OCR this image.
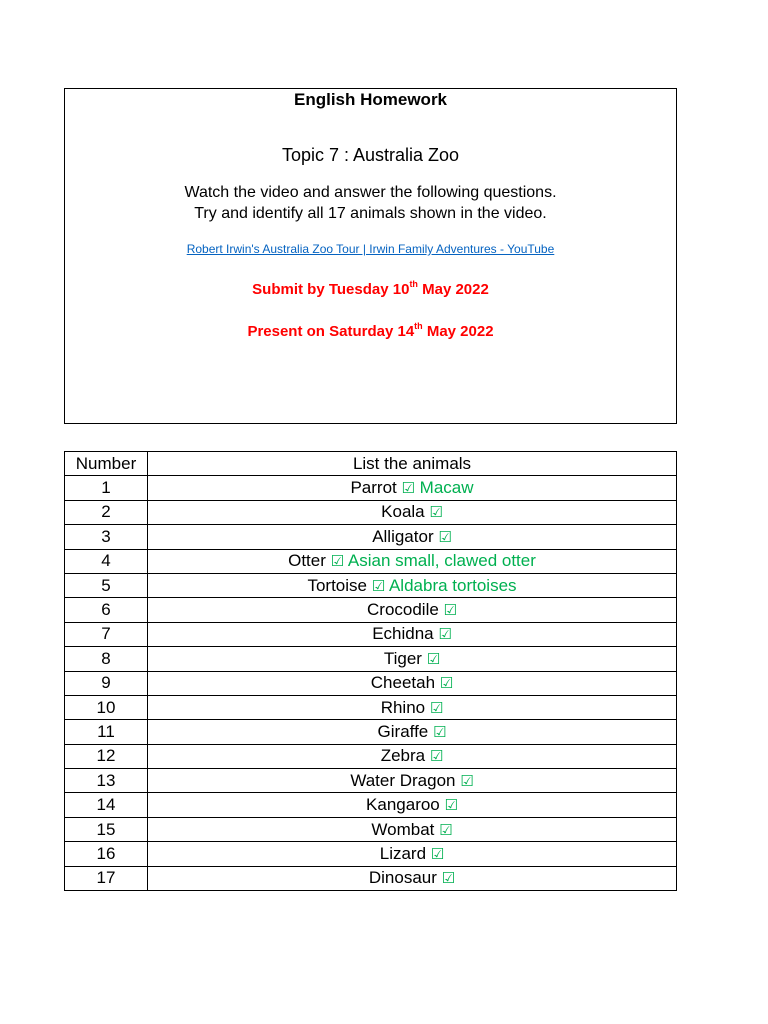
English Homework
Topic 7 : Australia Zoo
Watch the video and answer the following questions.
Try and identify all 17 animals shown in the video.
Robert Irwin's Australia Zoo Tour | Irwin Family Adventures - YouTube
Submit by Tuesday 10th May 2022
Present on Saturday 14th May 2022
Number	List the animals
1	Parrot ☑ Macaw
2	Koala ☑
3	Alligator ☑
4	Otter ☑ Asian small, clawed otter
5	Tortoise ☑ Aldabra tortoises
6	Crocodile ☑
7	Echidna ☑
8	Tiger ☑
9	Cheetah ☑
10	Rhino ☑
11	Giraffe ☑
12	Zebra ☑
13	Water Dragon ☑
14	Kangaroo ☑
15	Wombat ☑
16	Lizard ☑
17	Dinosaur ☑
